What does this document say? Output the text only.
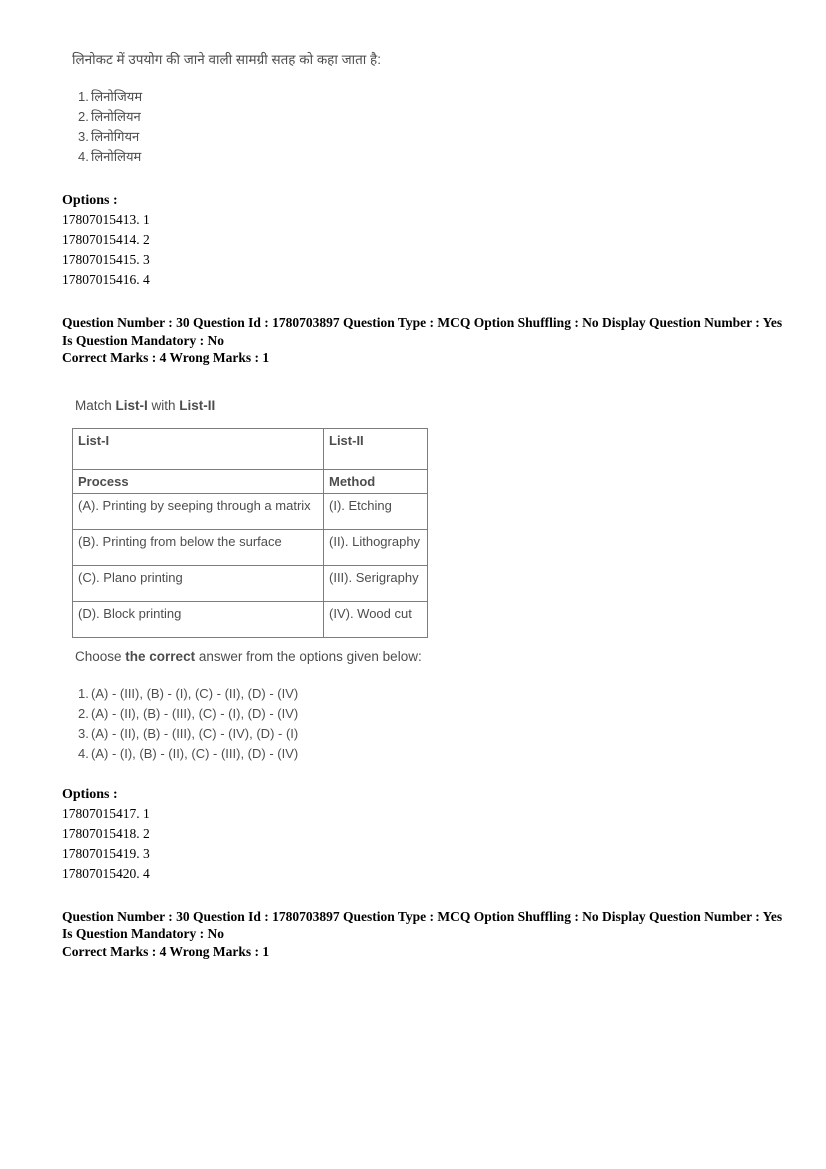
लिनोकट में उपयोग की जाने वाली सामग्री सतह को कहा जाता है:
1. लिनोजियम
2. लिनोलियन
3. लिनोगियन
4. लिनोलियम
Options :
17807015413. 1
17807015414. 2
17807015415. 3
17807015416. 4
Question Number : 30 Question Id : 1780703897 Question Type : MCQ Option Shuffling : No Display Question Number : Yes
Is Question Mandatory : No
Correct Marks : 4 Wrong Marks : 1
Match List-I with List-II
List-I	List-II
Process	Method
(A). Printing by seeping through a matrix	(I). Etching
(B). Printing from below the surface	(II). Lithography
(C). Plano printing	(III). Serigraphy
(D). Block printing	(IV). Wood cut
Choose the correct answer from the options given below:
1. (A) - (III), (B) - (I), (C) - (II), (D) - (IV)
2. (A) - (II), (B) - (III), (C) - (I), (D) - (IV)
3. (A) - (II), (B) - (III), (C) - (IV), (D) - (I)
4. (A) - (I), (B) - (II), (C) - (III), (D) - (IV)
Options :
17807015417. 1
17807015418. 2
17807015419. 3
17807015420. 4
Question Number : 30 Question Id : 1780703897 Question Type : MCQ Option Shuffling : No Display Question Number : Yes
Is Question Mandatory : No
Correct Marks : 4 Wrong Marks : 1
